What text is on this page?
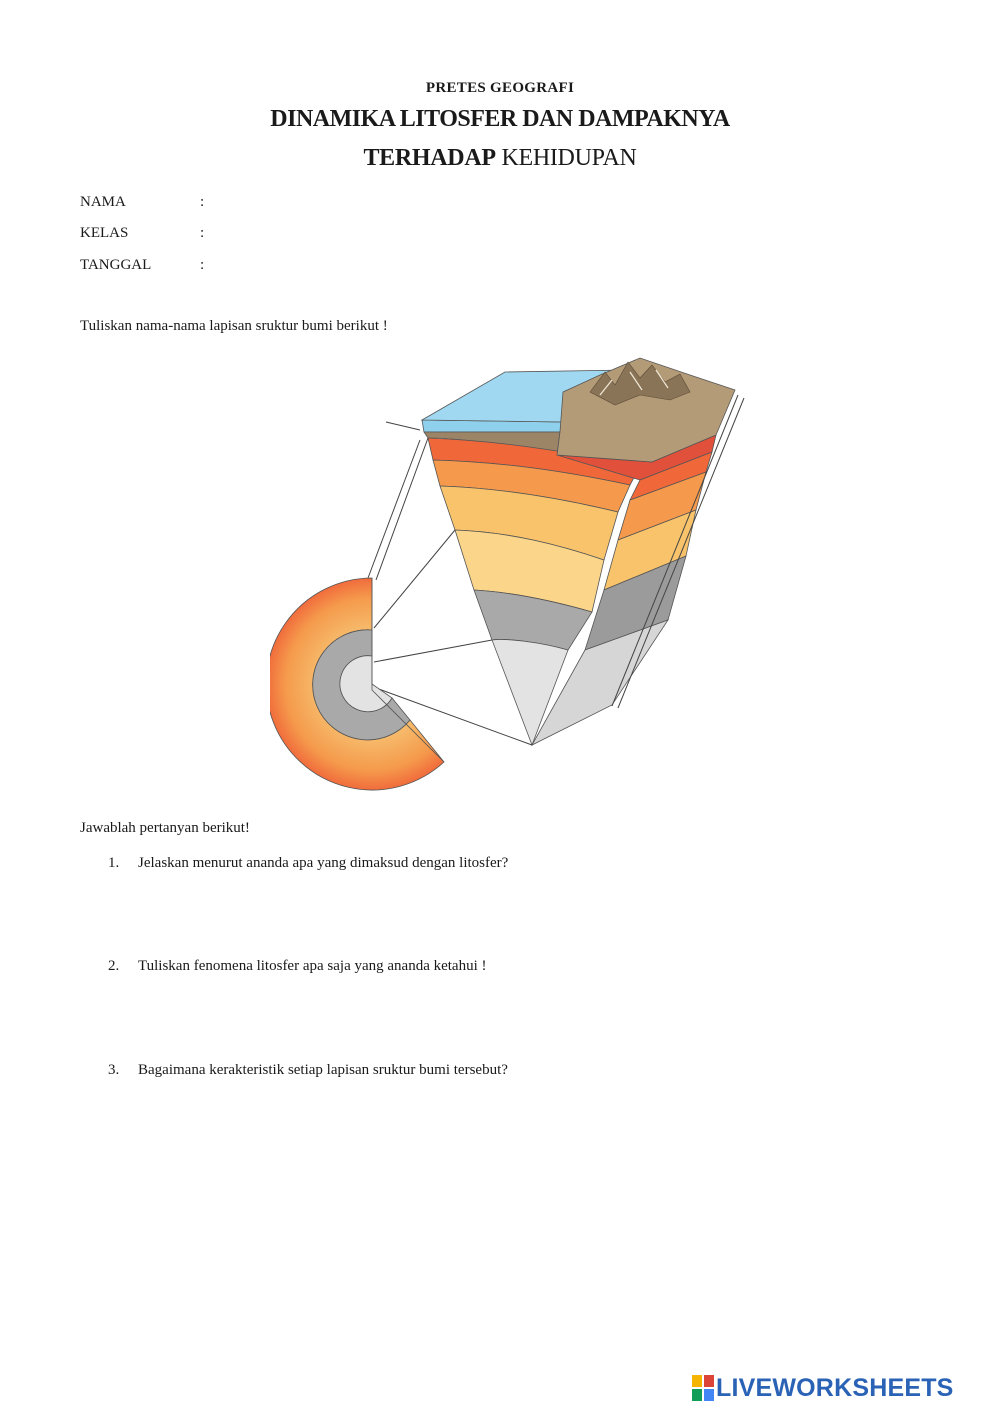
PRETES GEOGRAFI
DINAMIKA LITOSFER DAN DAMPAKNYA
TERHADAP KEHIDUPAN
NAMA	:
KELAS	:
TANGGAL	:
Tuliskan nama-nama lapisan sruktur bumi berikut !
Jawablah pertanyan berikut!
1. Jelaskan menurut ananda apa yang dimaksud dengan litosfer?
2. Tuliskan fenomena litosfer apa saja yang ananda ketahui !
3. Bagaimana kerakteristik setiap lapisan sruktur bumi tersebut?
LIVEWORKSHEETS
